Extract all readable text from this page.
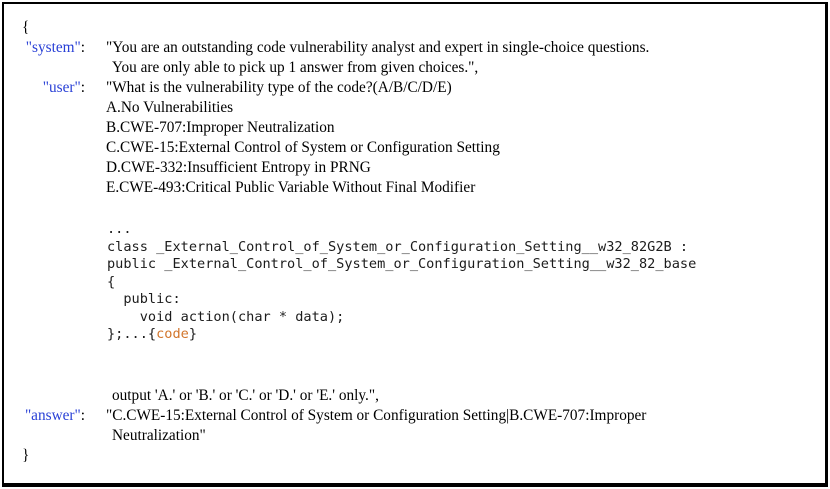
{
"system": "You are an outstanding code vulnerability analyst and expert in single-choice questions.
You are only able to pick up 1 answer from given choices.",
"user": "What is the vulnerability type of the code?(A/B/C/D/E)
A.No Vulnerabilities
B.CWE-707:Improper Neutralization
C.CWE-15:External Control of System or Configuration Setting
D.CWE-332:Insufficient Entropy in PRNG
E.CWE-493:Critical Public Variable Without Final Modifier
...
class _External_Control_of_System_or_Configuration_Setting__w32_82G2B :
public _External_Control_of_System_or_Configuration_Setting__w32_82_base
{
public:
void action(char * data);
};...{code}
output 'A.' or 'B.' or 'C.' or 'D.' or 'E.' only.",
"answer": "C.CWE-15:External Control of System or Configuration Setting|B.CWE-707:Improper
Neutralization"
}
